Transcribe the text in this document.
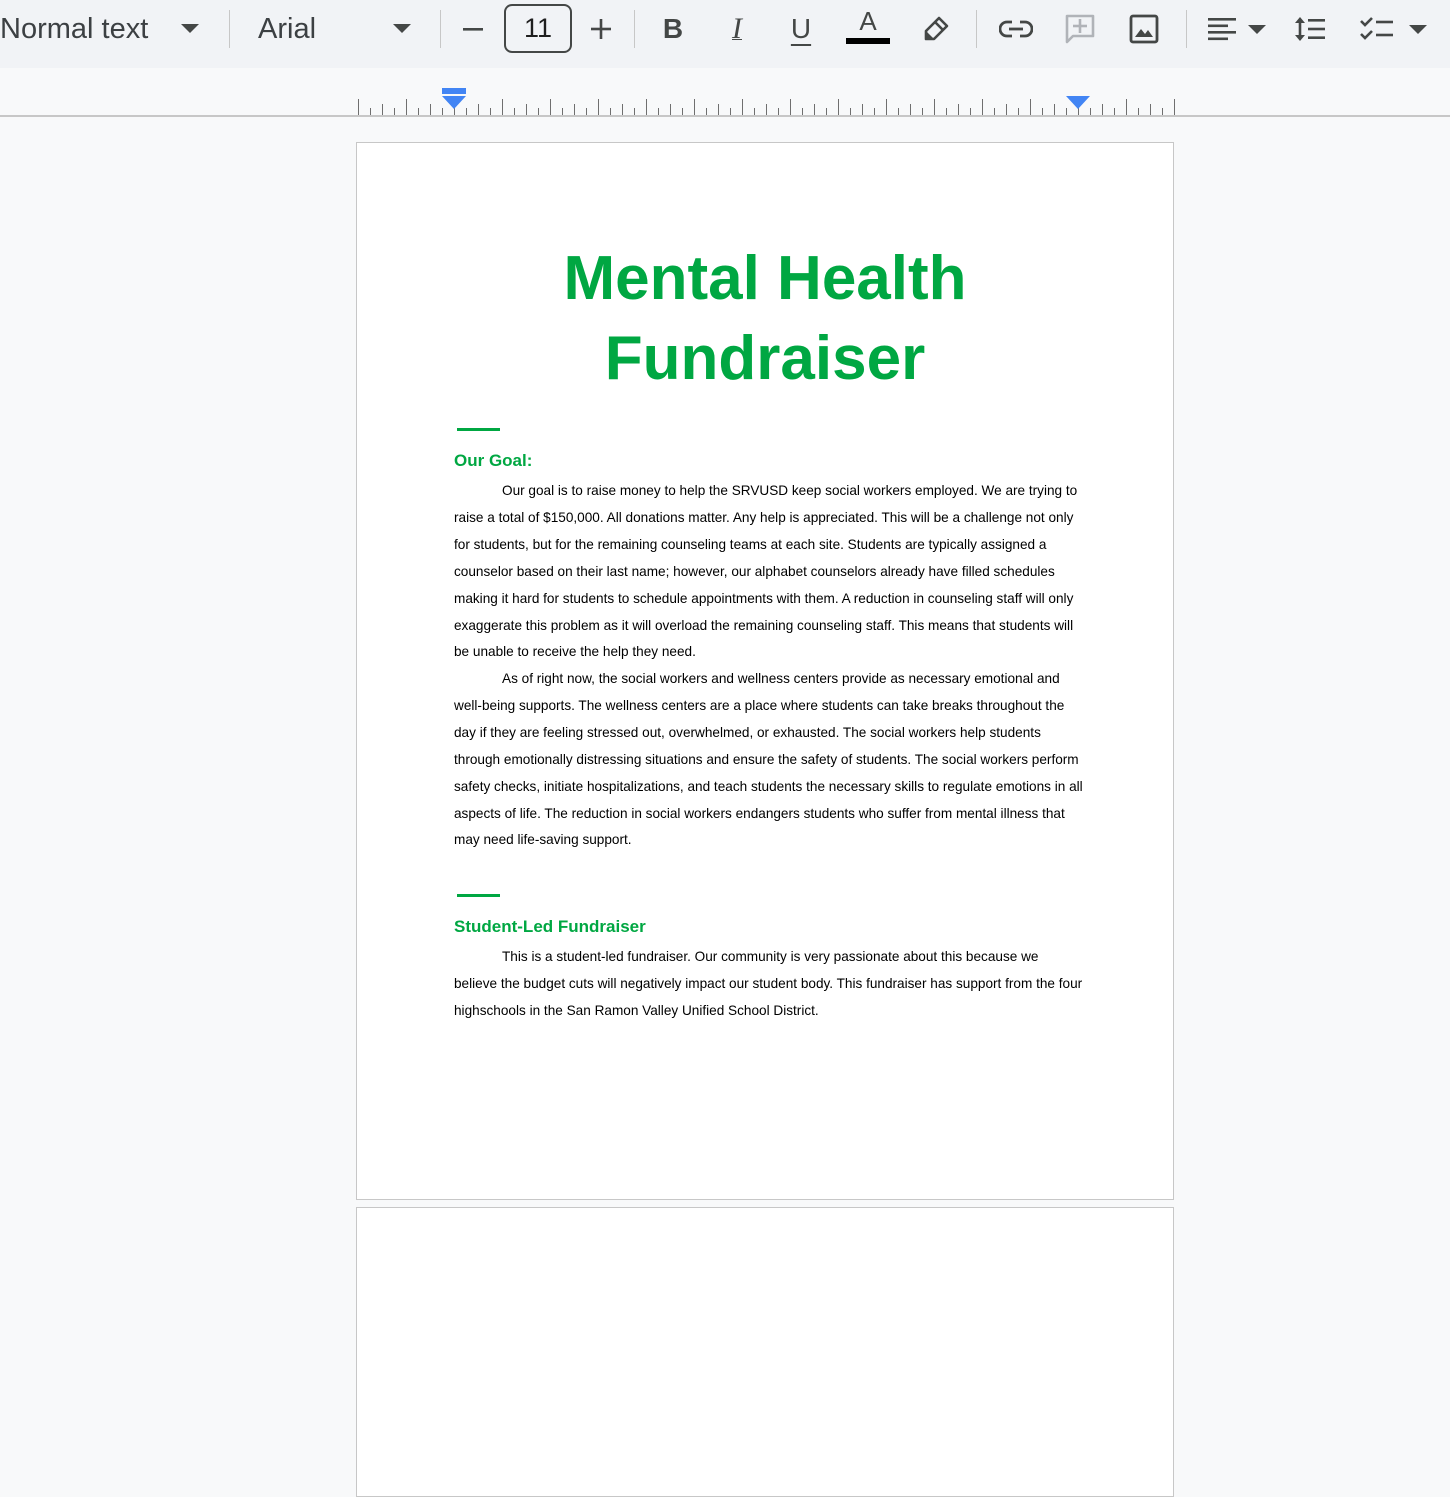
Normal text	Arial	11	B I U A
Mental Health
Fundraiser
Our Goal:

Our goal is to raise money to help the SRVUSD keep social workers employed. We are trying to raise a total of $150,000. All donations matter. Any help is appreciated. This will be a challenge not only for students, but for the remaining counseling teams at each site. Students are typically assigned a counselor based on their last name; however, our alphabet counselors already have filled schedules making it hard for students to schedule appointments with them. A reduction in counseling staff will only exaggerate this problem as it will overload the remaining counseling staff. This means that students will be unable to receive the help they need.

As of right now, the social workers and wellness centers provide as necessary emotional and well-being supports. The wellness centers are a place where students can take breaks throughout the day if they are feeling stressed out, overwhelmed, or exhausted. The social workers help students through emotionally distressing situations and ensure the safety of students. The social workers perform safety checks, initiate hospitalizations, and teach students the necessary skills to regulate emotions in all aspects of life. The reduction in social workers endangers students who suffer from mental illness that may need life-saving support.

Student-Led Fundraiser

This is a student-led fundraiser. Our community is very passionate about this because we believe the budget cuts will negatively impact our student body. This fundraiser has support from the four highschools in the San Ramon Valley Unified School District.
